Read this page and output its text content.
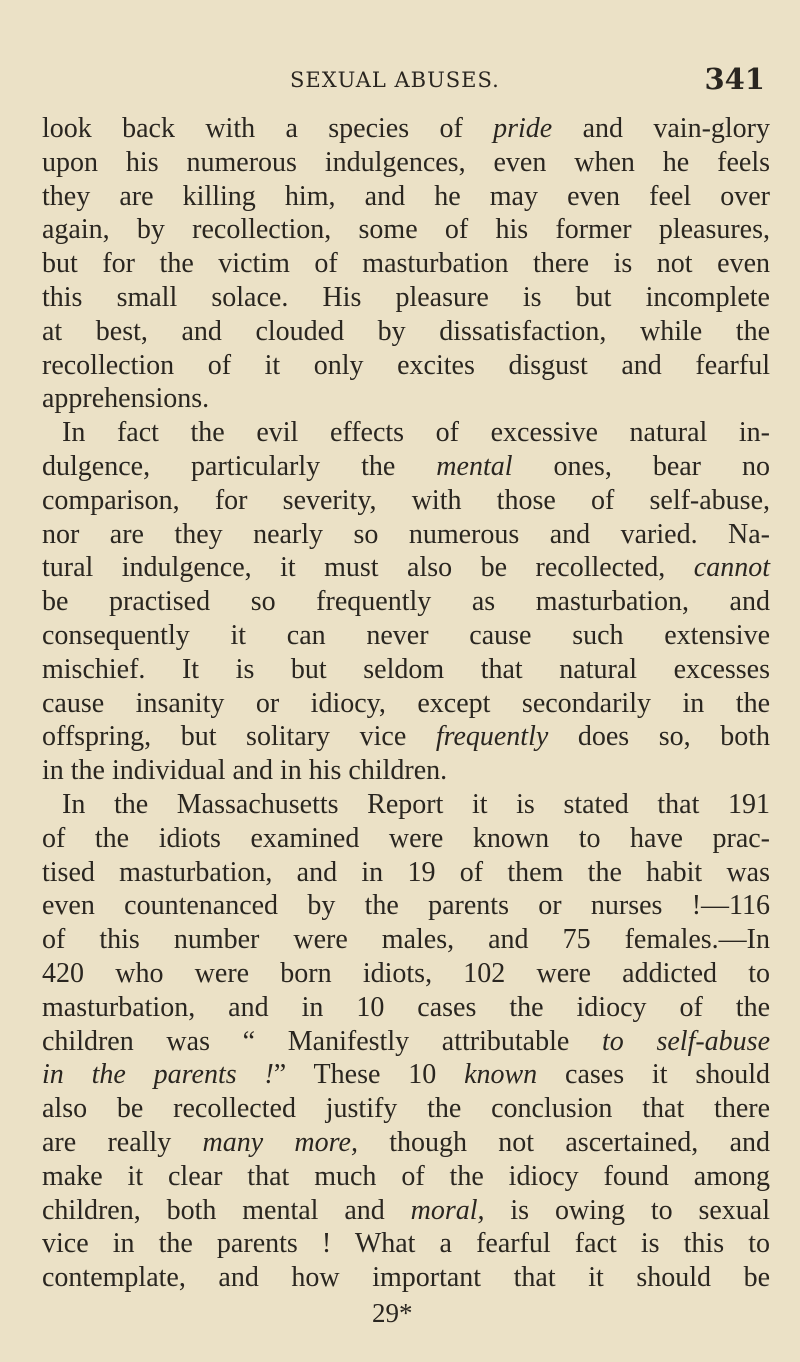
SEXUAL ABUSES.	341
look back with a species of pride and vain-glory
upon his numerous indulgences, even when he feels
they are killing him, and he may even feel over
again, by recollection, some of his former pleasures,
but for the victim of masturbation there is not even
this small solace. His pleasure is but incomplete
at best, and clouded by dissatisfaction, while the
recollection of it only excites disgust and fearful
apprehensions.
In fact the evil effects of excessive natural in-
dulgence, particularly the mental ones, bear no
comparison, for severity, with those of self-abuse,
nor are they nearly so numerous and varied. Na-
tural indulgence, it must also be recollected, cannot
be practised so frequently as masturbation, and
consequently it can never cause such extensive
mischief. It is but seldom that natural excesses
cause insanity or idiocy, except secondarily in the
offspring, but solitary vice frequently does so, both
in the individual and in his children.
In the Massachusetts Report it is stated that 191
of the idiots examined were known to have prac-
tised masturbation, and in 19 of them the habit was
even countenanced by the parents or nurses !—116
of this number were males, and 75 females.—In
420 who were born idiots, 102 were addicted to
masturbation, and in 10 cases the idiocy of the
children was “ Manifestly attributable to self-abuse
in the parents !” These 10 known cases it should
also be recollected justify the conclusion that there
are really many more, though not ascertained, and
make it clear that much of the idiocy found among
children, both mental and moral, is owing to sexual
vice in the parents ! What a fearful fact is this to
contemplate, and how important that it should be
29*
